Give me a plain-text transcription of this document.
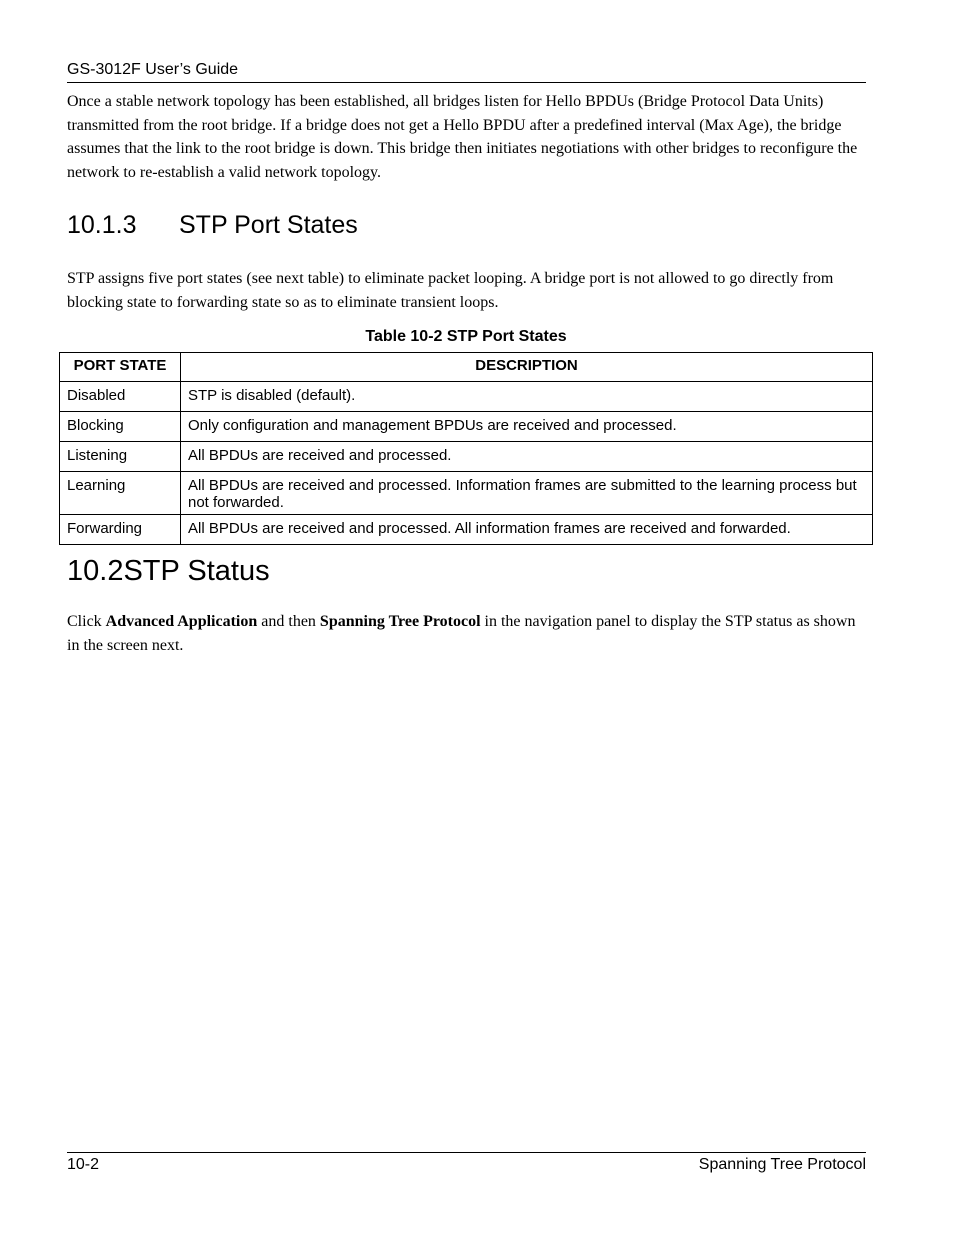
GS-3012F User’s Guide

Once a stable network topology has been established, all bridges listen for Hello BPDUs (Bridge Protocol Data Units) transmitted from the root bridge. If a bridge does not get a Hello BPDU after a predefined interval (Max Age), the bridge assumes that the link to the root bridge is down. This bridge then initiates negotiations with other bridges to reconfigure the network to re-establish a valid network topology.

10.1.3 STP Port States

STP assigns five port states (see next table) to eliminate packet looping. A bridge port is not allowed to go directly from blocking state to forwarding state so as to eliminate transient loops.

Table 10-2 STP Port States

PORT STATE	DESCRIPTION
Disabled	STP is disabled (default).
Blocking	Only configuration and management BPDUs are received and processed.
Listening	All BPDUs are received and processed.
Learning	All BPDUs are received and processed. Information frames are submitted to the learning process but not forwarded.
Forwarding	All BPDUs are received and processed. All information frames are received and forwarded.
10.2STP Status

Click Advanced Application and then Spanning Tree Protocol in the navigation panel to display the STP status as shown in the screen next.

10-2	Spanning Tree Protocol
